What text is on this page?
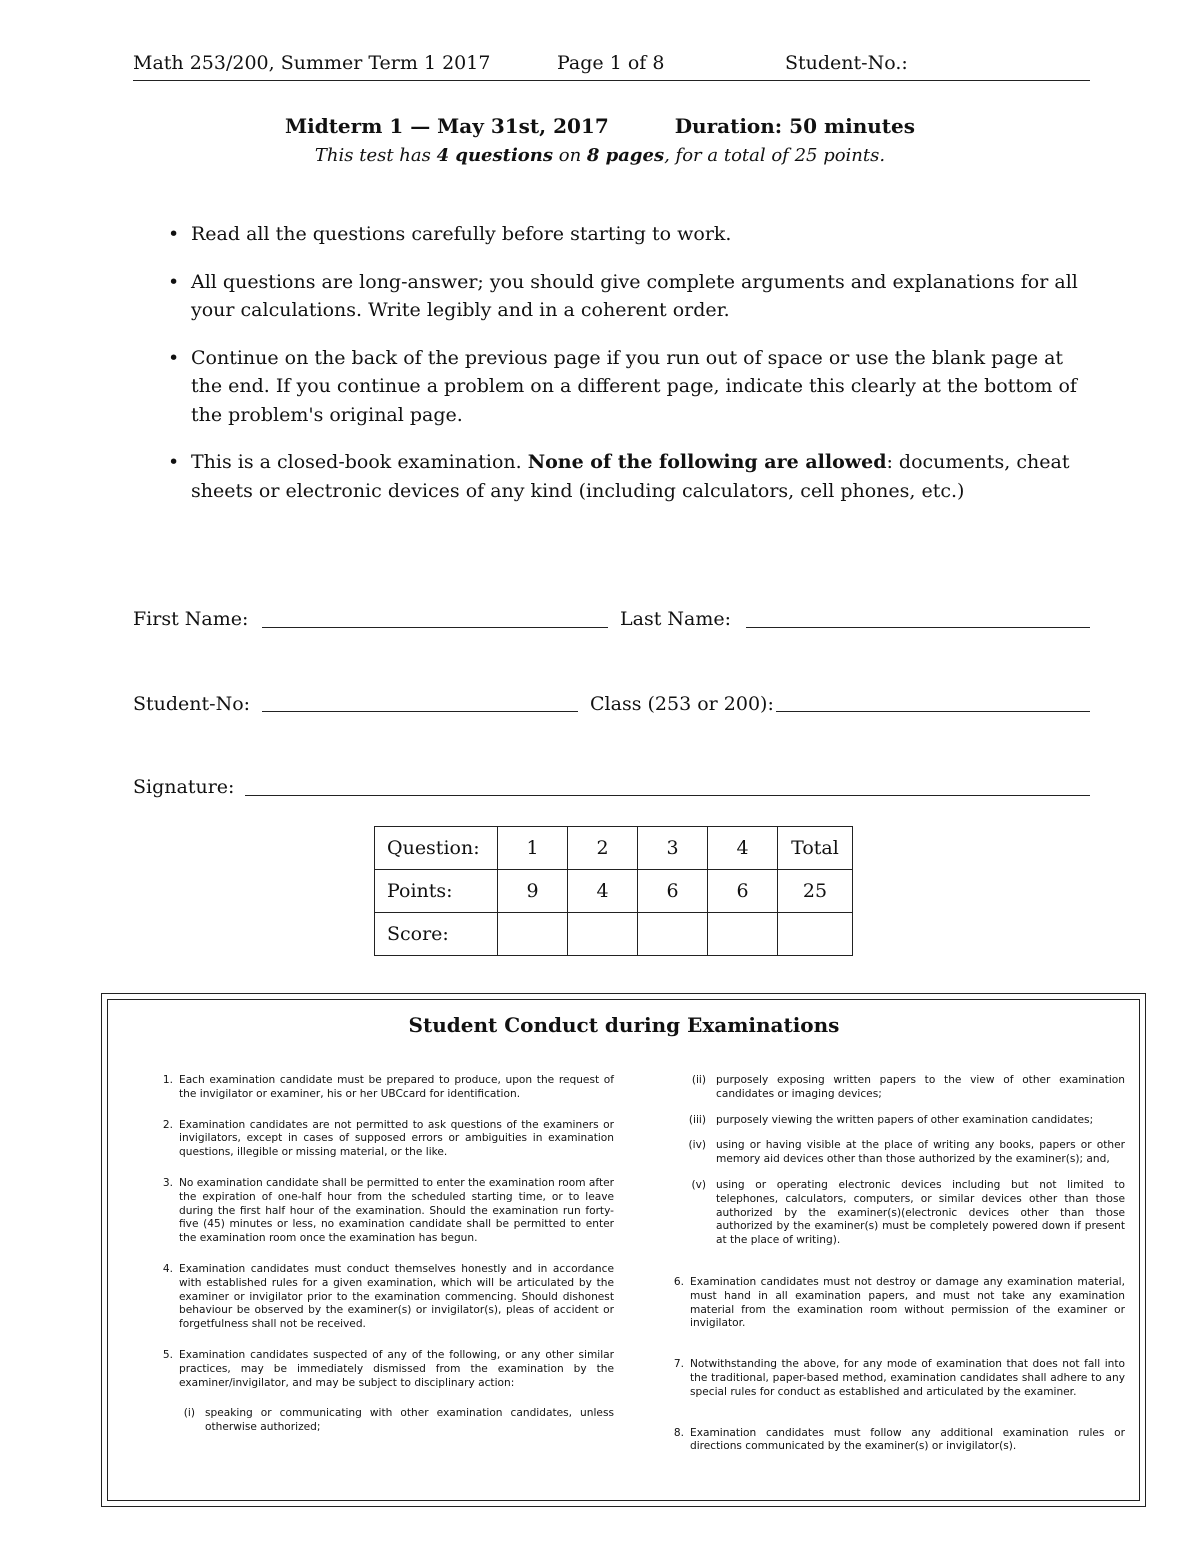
Math 253/200, Summer Term 1 2017	Page 1 of 8	Student-No.:
Midterm 1 — May 31st, 2017	Duration: 50 minutes
This test has 4 questions on 8 pages, for a total of 25 points.
• Read all the questions carefully before starting to work.
• All questions are long-answer; you should give complete arguments and explanations for all your calculations. Write legibly and in a coherent order.
• Continue on the back of the previous page if you run out of space or use the blank page at the end. If you continue a problem on a different page, indicate this clearly at the bottom of the problem's original page.
• This is a closed-book examination. None of the following are allowed: documents, cheat sheets or electronic devices of any kind (including calculators, cell phones, etc.)
First Name:	Last Name:
Student-No:	Class (253 or 200):
Signature:
Question:	1	2	3	4	Total
Points:	9	4	6	6	25
Score:					
Student Conduct during Examinations
1. Each examination candidate must be prepared to produce, upon the request of the invigilator or examiner, his or her UBCcard for identification.
2. Examination candidates are not permitted to ask questions of the examiners or invigilators, except in cases of supposed errors or ambiguities in examination questions, illegible or missing material, or the like.
3. No examination candidate shall be permitted to enter the examination room after the expiration of one-half hour from the scheduled starting time, or to leave during the first half hour of the examination. Should the examination run forty-five (45) minutes or less, no examination candidate shall be permitted to enter the examination room once the examination has begun.
4. Examination candidates must conduct themselves honestly and in accordance with established rules for a given examination, which will be articulated by the examiner or invigilator prior to the examination commencing. Should dishonest behaviour be observed by the examiner(s) or invigilator(s), pleas of accident or forgetfulness shall not be received.
5. Examination candidates suspected of any of the following, or any other similar practices, may be immediately dismissed from the examination by the examiner/invigilator, and may be subject to disciplinary action:
(i) speaking or communicating with other examination candidates, unless otherwise authorized;
(ii) purposely exposing written papers to the view of other examination candidates or imaging devices;
(iii) purposely viewing the written papers of other examination candidates;
(iv) using or having visible at the place of writing any books, papers or other memory aid devices other than those authorized by the examiner(s); and,
(v) using or operating electronic devices including but not limited to telephones, calculators, computers, or similar devices other than those authorized by the examiner(s)(electronic devices other than those authorized by the examiner(s) must be completely powered down if present at the place of writing).
6. Examination candidates must not destroy or damage any examination material, must hand in all examination papers, and must not take any examination material from the examination room without permission of the examiner or invigilator.
7. Notwithstanding the above, for any mode of examination that does not fall into the traditional, paper-based method, examination candidates shall adhere to any special rules for conduct as established and articulated by the examiner.
8. Examination candidates must follow any additional examination rules or directions communicated by the examiner(s) or invigilator(s).
